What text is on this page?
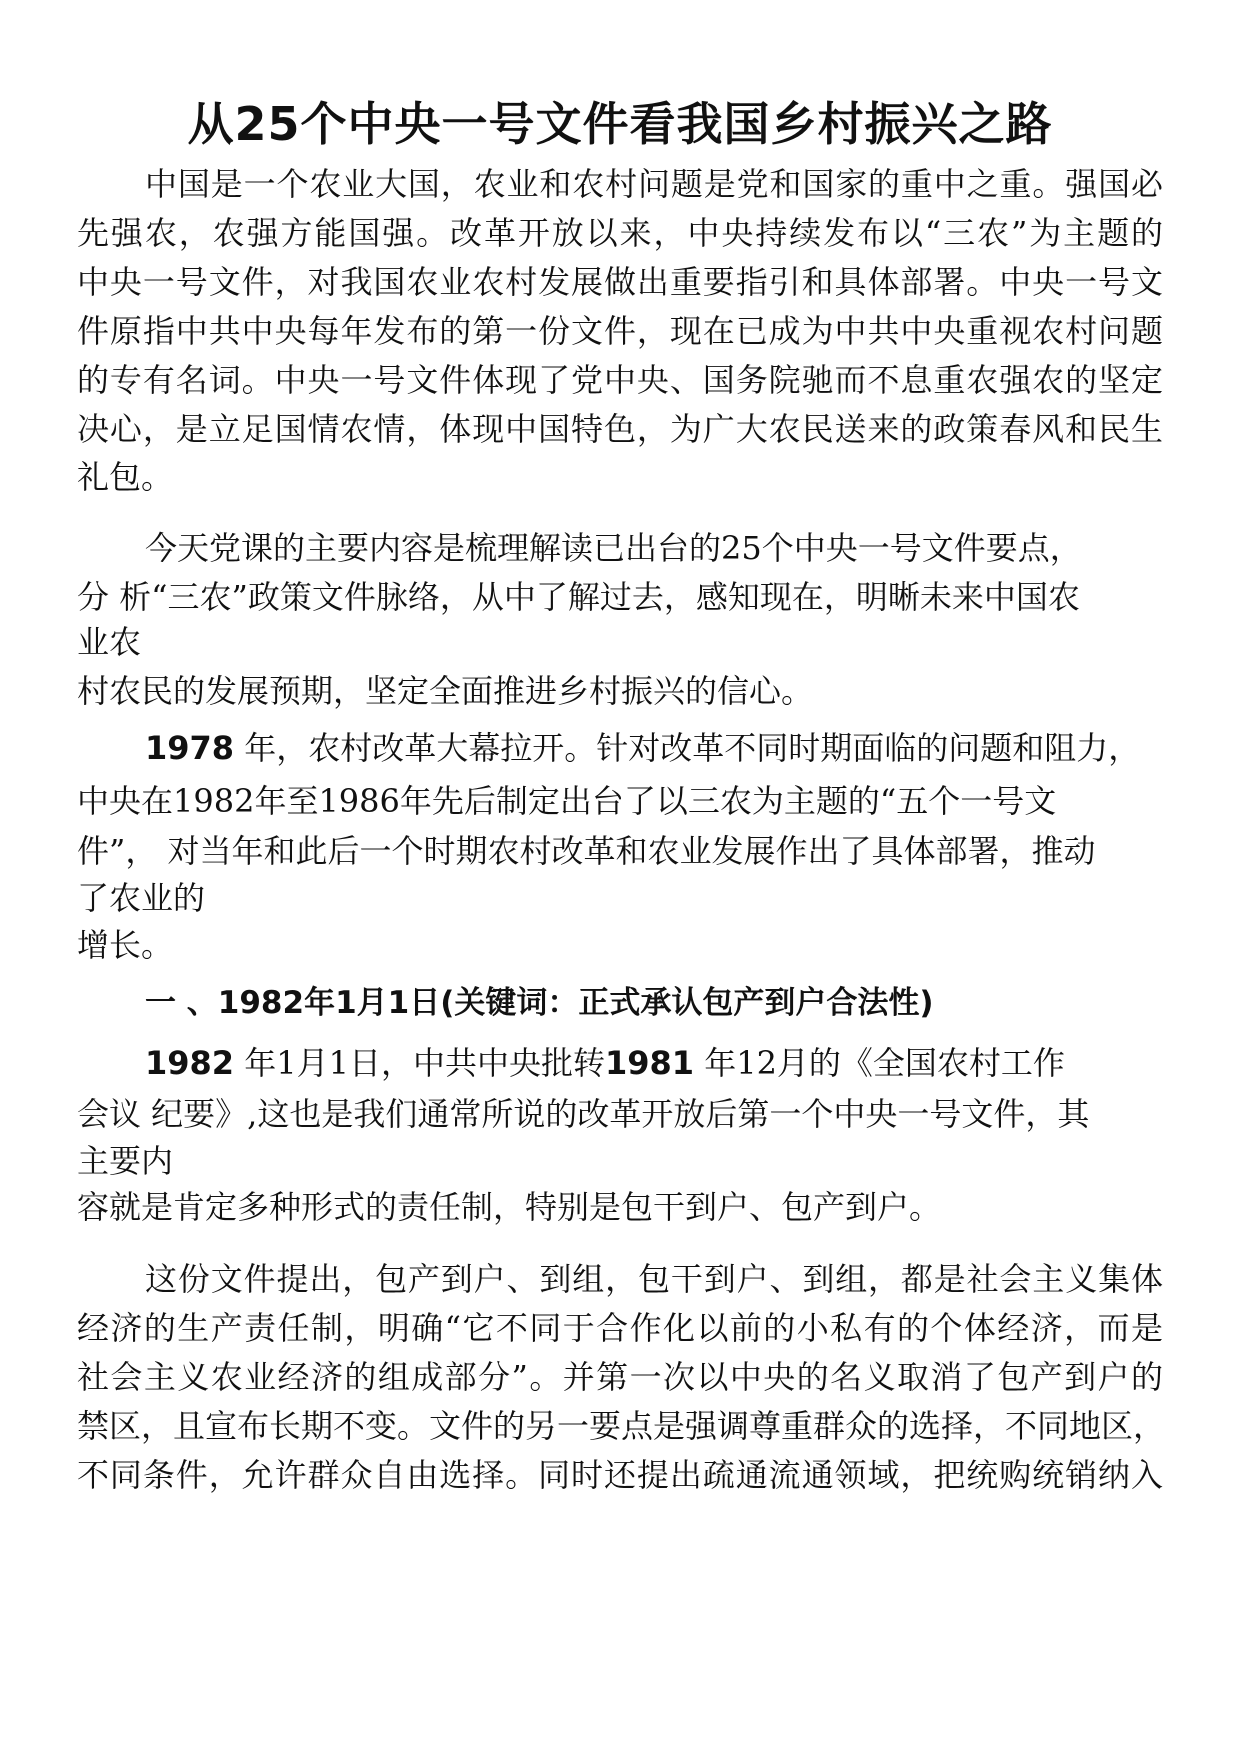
从25个中央一号文件看我国乡村振兴之路

中国是一个农业大国，农业和农村问题是党和国家的重中之重。强国必

先强农，农强方能国强。改革开放以来，中央持续发布以“三农”为主题的

中央一号文件，对我国农业农村发展做出重要指引和具体部署。中央一号文

件原指中共中央每年发布的第一份文件，现在已成为中共中央重视农村问题

的专有名词。中央一号文件体现了党中央、国务院驰而不息重农强农的坚定

决心，是立足国情农情，体现中国特色，为广大农民送来的政策春风和民生

礼包。

今天党课的主要内容是梳理解读已出台的25个中央一号文件要点，

分 析“三农”政策文件脉络，从中了解过去，感知现在，明晰未来中国农

业农

村农民的发展预期，坚定全面推进乡村振兴的信心。

1978 年，农村改革大幕拉开。针对改革不同时期面临的问题和阻力，

中央在1982年至1986年先后制定出台了以三农为主题的“五个一号文

件”， 对当年和此后一个时期农村改革和农业发展作出了具体部署，推动

了农业的

增长。

一 、1982年1月1日(关键词：正式承认包产到户合法性)

1982 年1月1日，中共中央批转1981 年12月的《全国农村工作

会议 纪要》,这也是我们通常所说的改革开放后第一个中央一号文件，其

主要内

容就是肯定多种形式的责任制，特别是包干到户、包产到户。

这份文件提出，包产到户、到组，包干到户、到组，都是社会主义集体

经济的生产责任制，明确“它不同于合作化以前的小私有的个体经济，而是

社会主义农业经济的组成部分”。并第一次以中央的名义取消了包产到户的

禁区，且宣布长期不变。文件的另一要点是强调尊重群众的选择，不同地区，

不同条件，允许群众自由选择。同时还提出疏通流通领域，把统购统销纳入
